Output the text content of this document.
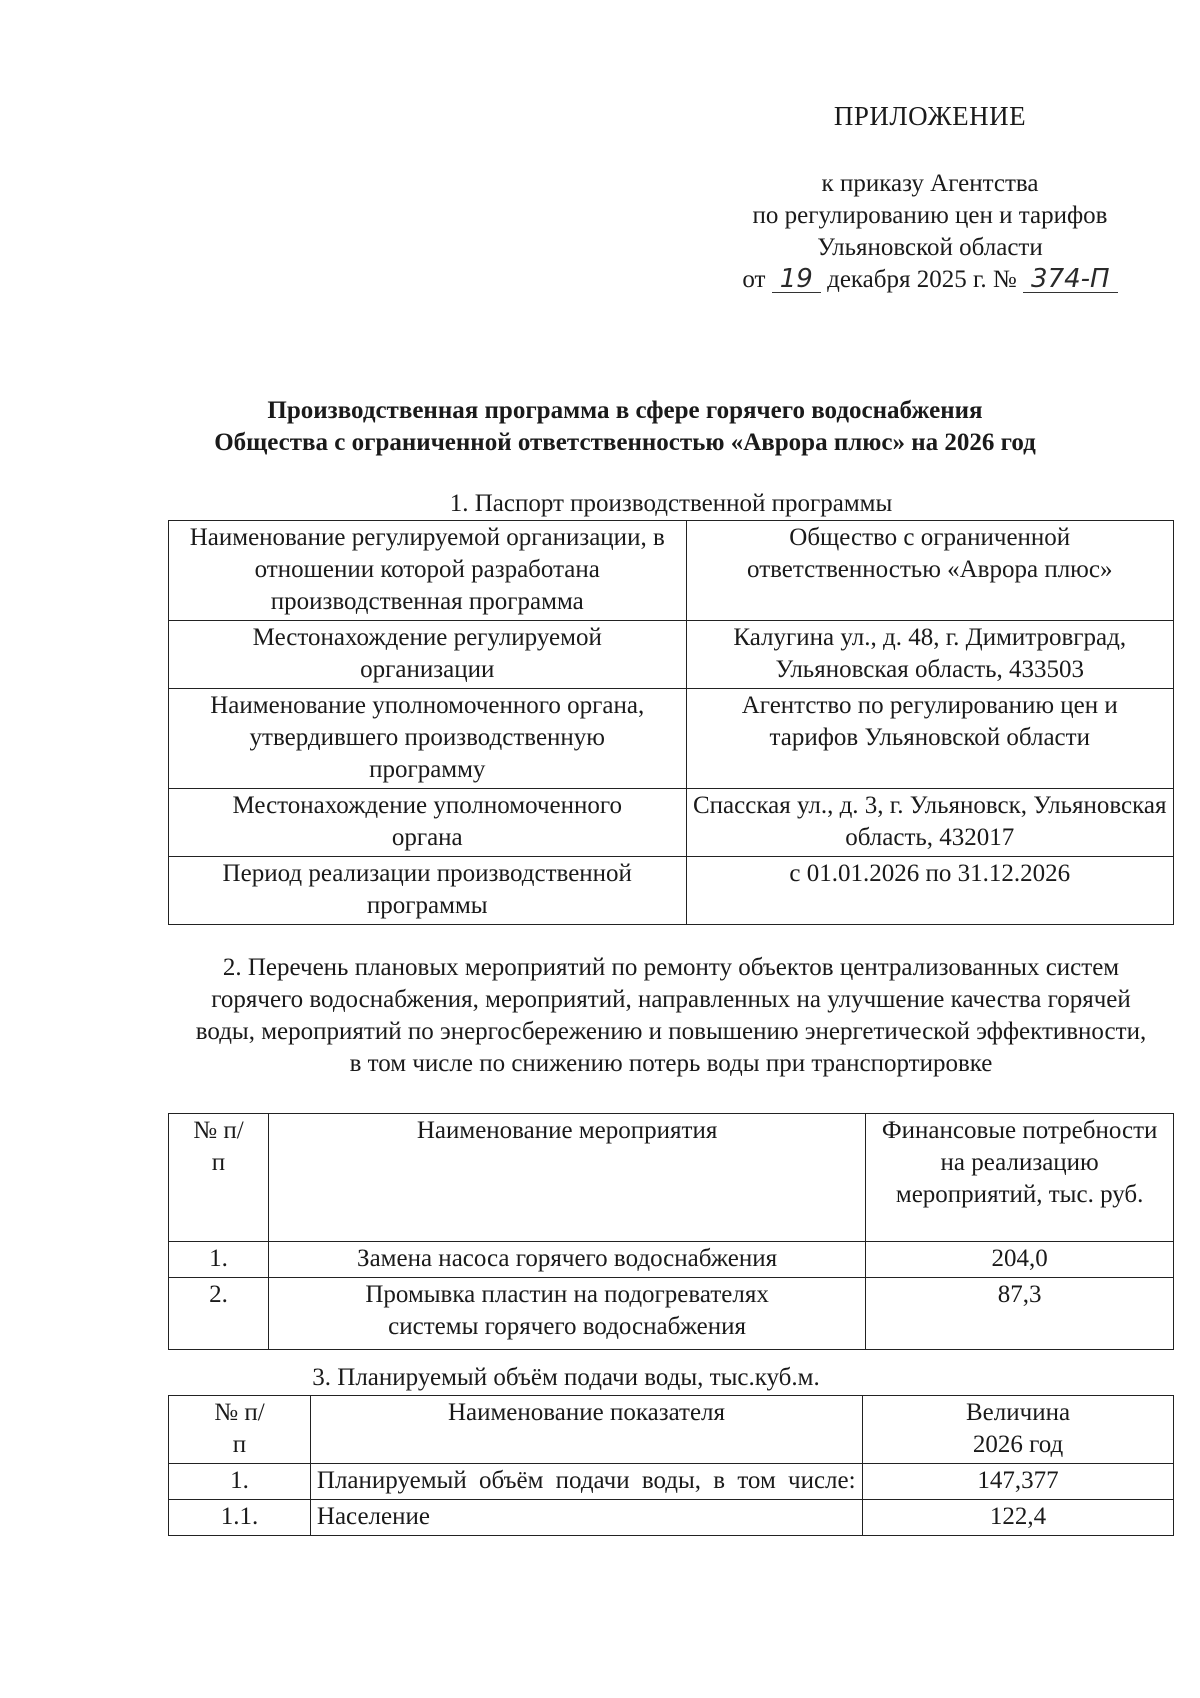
ПРИЛОЖЕНИЕ
к приказу Агентства
по регулированию цен и тарифов
Ульяновской области
от 19 декабря 2025 г. № 374-П
Производственная программа в сфере горячего водоснабжения
Общества с ограниченной ответственностью «Аврора плюс» на 2026 год
1. Паспорт производственной программы
Наименование регулируемой организации, в отношении которой разработана производственная программа	Общество с ограниченной ответственностью «Аврора плюс»
Местонахождение регулируемой организации	Калугина ул., д. 48, г. Димитровград, Ульяновская область, 433503
Наименование уполномоченного органа, утвердившего производственную программу	Агентство по регулированию цен и тарифов Ульяновской области
Местонахождение уполномоченного органа	Спасская ул., д. 3, г. Ульяновск, Ульяновская область, 432017
Период реализации производственной программы	с 01.01.2026 по 31.12.2026
2. Перечень плановых мероприятий по ремонту объектов централизованных систем горячего водоснабжения, мероприятий, направленных на улучшение качества горячей воды, мероприятий по энергосбережению и повышению энергетической эффективности, в том числе по снижению потерь воды при транспортировке
№ п/п	Наименование мероприятия	Финансовые потребности на реализацию мероприятий, тыс. руб.
1.	Замена насоса горячего водоснабжения	204,0
2.	Промывка пластин на подогревателях системы горячего водоснабжения	87,3
3. Планируемый объём подачи воды, тыс.куб.м.
№ п/п	Наименование показателя	Величина 2026 год
1.	Планируемый объём подачи воды, в том числе:	147,377
1.1.	Население	122,4
